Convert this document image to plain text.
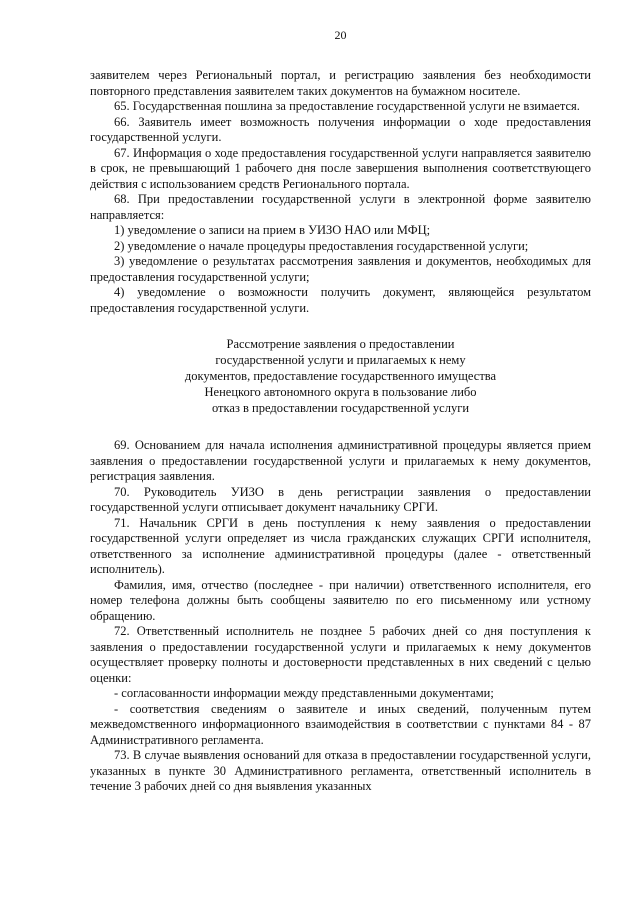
20

заявителем через Региональный портал, и регистрацию заявления без необходимости повторного представления заявителем таких документов на бумажном носителе.

65. Государственная пошлина за предоставление государственной услуги не взимается.

66. Заявитель имеет возможность получения информации о ходе предоставления государственной услуги.

67. Информация о ходе предоставления государственной услуги направляется заявителю в срок, не превышающий 1 рабочего дня после завершения выполнения соответствующего действия с использованием средств Регионального портала.

68. При предоставлении государственной услуги в электронной форме заявителю направляется:

1) уведомление о записи на прием в УИЗО НАО или МФЦ;

2) уведомление о начале процедуры предоставления государственной услуги;

3) уведомление о результатах рассмотрения заявления и документов, необходимых для предоставления государственной услуги;

4) уведомление о возможности получить документ, являющейся результатом предоставления государственной услуги.

Рассмотрение заявления о предоставлении
государственной услуги и прилагаемых к нему
документов, предоставление государственного имущества
Ненецкого автономного округа в пользование либо
отказ в предоставлении государственной услуги

69. Основанием для начала исполнения административной процедуры является прием заявления о предоставлении государственной услуги и прилагаемых к нему документов, регистрация заявления.

70. Руководитель УИЗО в день регистрации заявления о предоставлении государственной услуги отписывает документ начальнику СРГИ.

71. Начальник СРГИ в день поступления к нему заявления о предоставлении государственной услуги определяет из числа гражданских служащих СРГИ исполнителя, ответственного за исполнение административной процедуры (далее - ответственный исполнитель).

Фамилия, имя, отчество (последнее - при наличии) ответственного исполнителя, его номер телефона должны быть сообщены заявителю по его письменному или устному обращению.

72. Ответственный исполнитель не позднее 5 рабочих дней со дня поступления к заявления о предоставлении государственной услуги и прилагаемых к нему документов осуществляет проверку полноты и достоверности представленных в них сведений с целью оценки:

- согласованности информации между представленными документами;

- соответствия сведениям о заявителе и иных сведений, полученным путем межведомственного информационного взаимодействия в соответствии с пунктами 84 - 87 Административного регламента.

73. В случае выявления оснований для отказа в предоставлении государственной услуги, указанных в пункте 30 Административного регламента, ответственный исполнитель в течение 3 рабочих дней со дня выявления указанных
